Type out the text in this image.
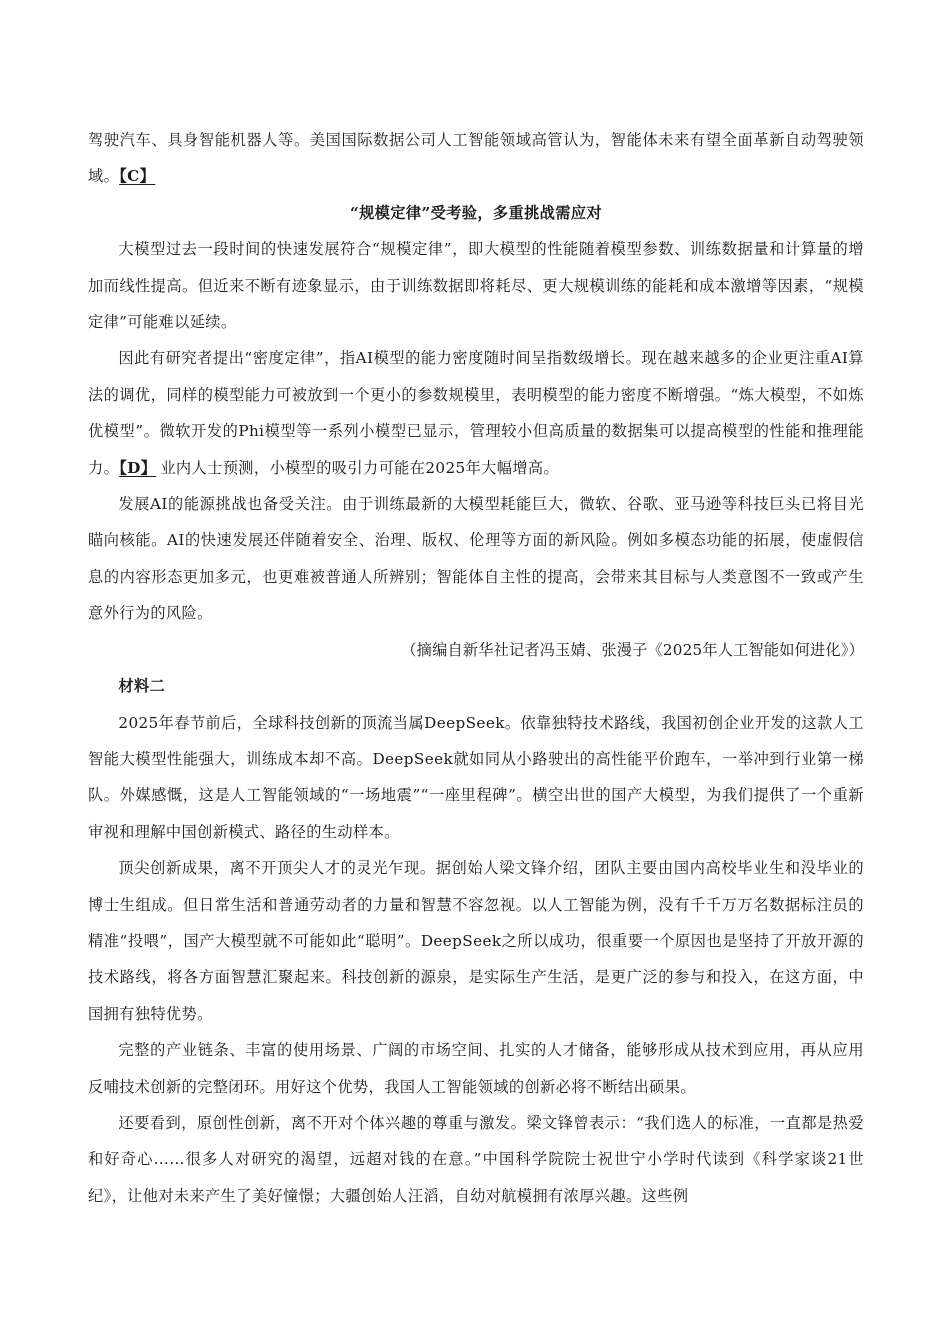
驾驶汽车、具身智能机器人等。美国国际数据公司人工智能领域高管认为，智能体未来有望全面革新自动驾驶领域。【C】

“规模定律”受考验，多重挑战需应对

大模型过去一段时间的快速发展符合“规模定律”，即大模型的性能随着模型参数、训练数据量和计算量的增加而线性提高。但近来不断有迹象显示，由于训练数据即将耗尽、更大规模训练的能耗和成本激增等因素，“规模定律”可能难以延续。

因此有研究者提出“密度定律”，指AI模型的能力密度随时间呈指数级增长。现在越来越多的企业更注重AI算法的调优，同样的模型能力可被放到一个更小的参数规模里，表明模型的能力密度不断增强。“炼大模型，不如炼优模型”。微软开发的Phi模型等一系列小模型已显示，管理较小但高质量的数据集可以提高模型的性能和推理能力。【D】 业内人士预测，小模型的吸引力可能在2025年大幅增高。

发展AI的能源挑战也备受关注。由于训练最新的大模型耗能巨大，微软、谷歌、亚马逊等科技巨头已将目光瞄向核能。AI的快速发展还伴随着安全、治理、版权、伦理等方面的新风险。例如多模态功能的拓展，使虚假信息的内容形态更加多元，也更难被普通人所辨别；智能体自主性的提高，会带来其目标与人类意图不一致或产生意外行为的风险。

（摘编自新华社记者冯玉婧、张漫子《2025年人工智能如何进化》）

材料二

2025年春节前后，全球科技创新的顶流当属DeepSeek。依靠独特技术路线，我国初创企业开发的这款人工智能大模型性能强大，训练成本却不高。DeepSeek就如同从小路驶出的高性能平价跑车，一举冲到行业第一梯队。外媒感慨，这是人工智能领域的“一场地震”“一座里程碑”。横空出世的国产大模型，为我们提供了一个重新审视和理解中国创新模式、路径的生动样本。

顶尖创新成果，离不开顶尖人才的灵光乍现。据创始人梁文锋介绍，团队主要由国内高校毕业生和没毕业的博士生组成。但日常生活和普通劳动者的力量和智慧不容忽视。以人工智能为例，没有千千万万名数据标注员的精准“投喂”，国产大模型就不可能如此“聪明”。DeepSeek之所以成功，很重要一个原因也是坚持了开放开源的技术路线，将各方面智慧汇聚起来。科技创新的源泉，是实际生产生活，是更广泛的参与和投入，在这方面，中国拥有独特优势。

完整的产业链条、丰富的使用场景、广阔的市场空间、扎实的人才储备，能够形成从技术到应用，再从应用反哺技术创新的完整闭环。用好这个优势，我国人工智能领域的创新必将不断结出硕果。

还要看到，原创性创新，离不开对个体兴趣的尊重与激发。梁文锋曾表示：“我们选人的标准，一直都是热爱和好奇心……很多人对研究的渴望，远超对钱的在意。”中国科学院院士祝世宁小学时代读到《科学家谈21世纪》，让他对未来产生了美好憧憬；大疆创始人汪滔，自幼对航模拥有浓厚兴趣。这些例
